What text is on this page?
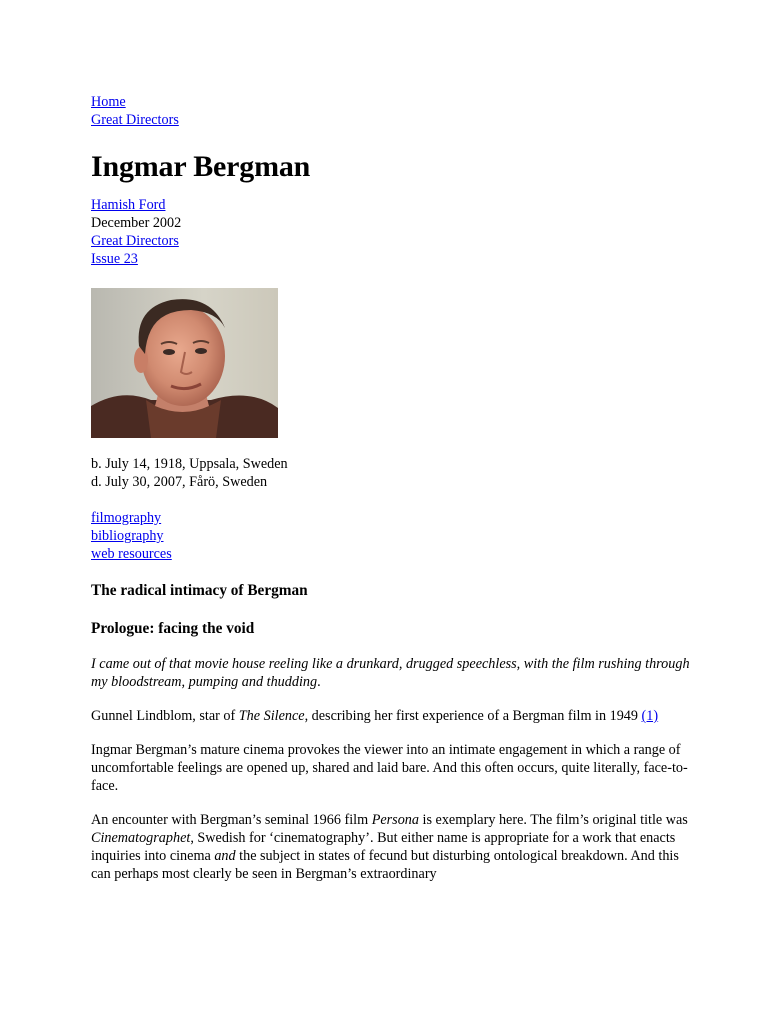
Home
Great Directors
Ingmar Bergman
Hamish Ford
December 2002
Great Directors
Issue 23
b. July 14, 1918, Uppsala, Sweden
d. July 30, 2007, Fårö, Sweden
filmography
bibliography
web resources
The radical intimacy of Bergman
Prologue: facing the void

I came out of that movie house reeling like a drunkard, drugged speechless, with the film rushing through my bloodstream, pumping and thudding.

Gunnel Lindblom, star of The Silence, describing her first experience of a Bergman film in 1949 (1)

Ingmar Bergman’s mature cinema provokes the viewer into an intimate engagement in which a range of uncomfortable feelings are opened up, shared and laid bare. And this often occurs, quite literally, face-to-face.

An encounter with Bergman’s seminal 1966 film Persona is exemplary here. The film’s original title was Cinematographet, Swedish for ‘cinematography’. But either name is appropriate for a work that enacts inquiries into cinema and the subject in states of fecund but disturbing ontological breakdown. And this can perhaps most clearly be seen in Bergman’s extraordinary
